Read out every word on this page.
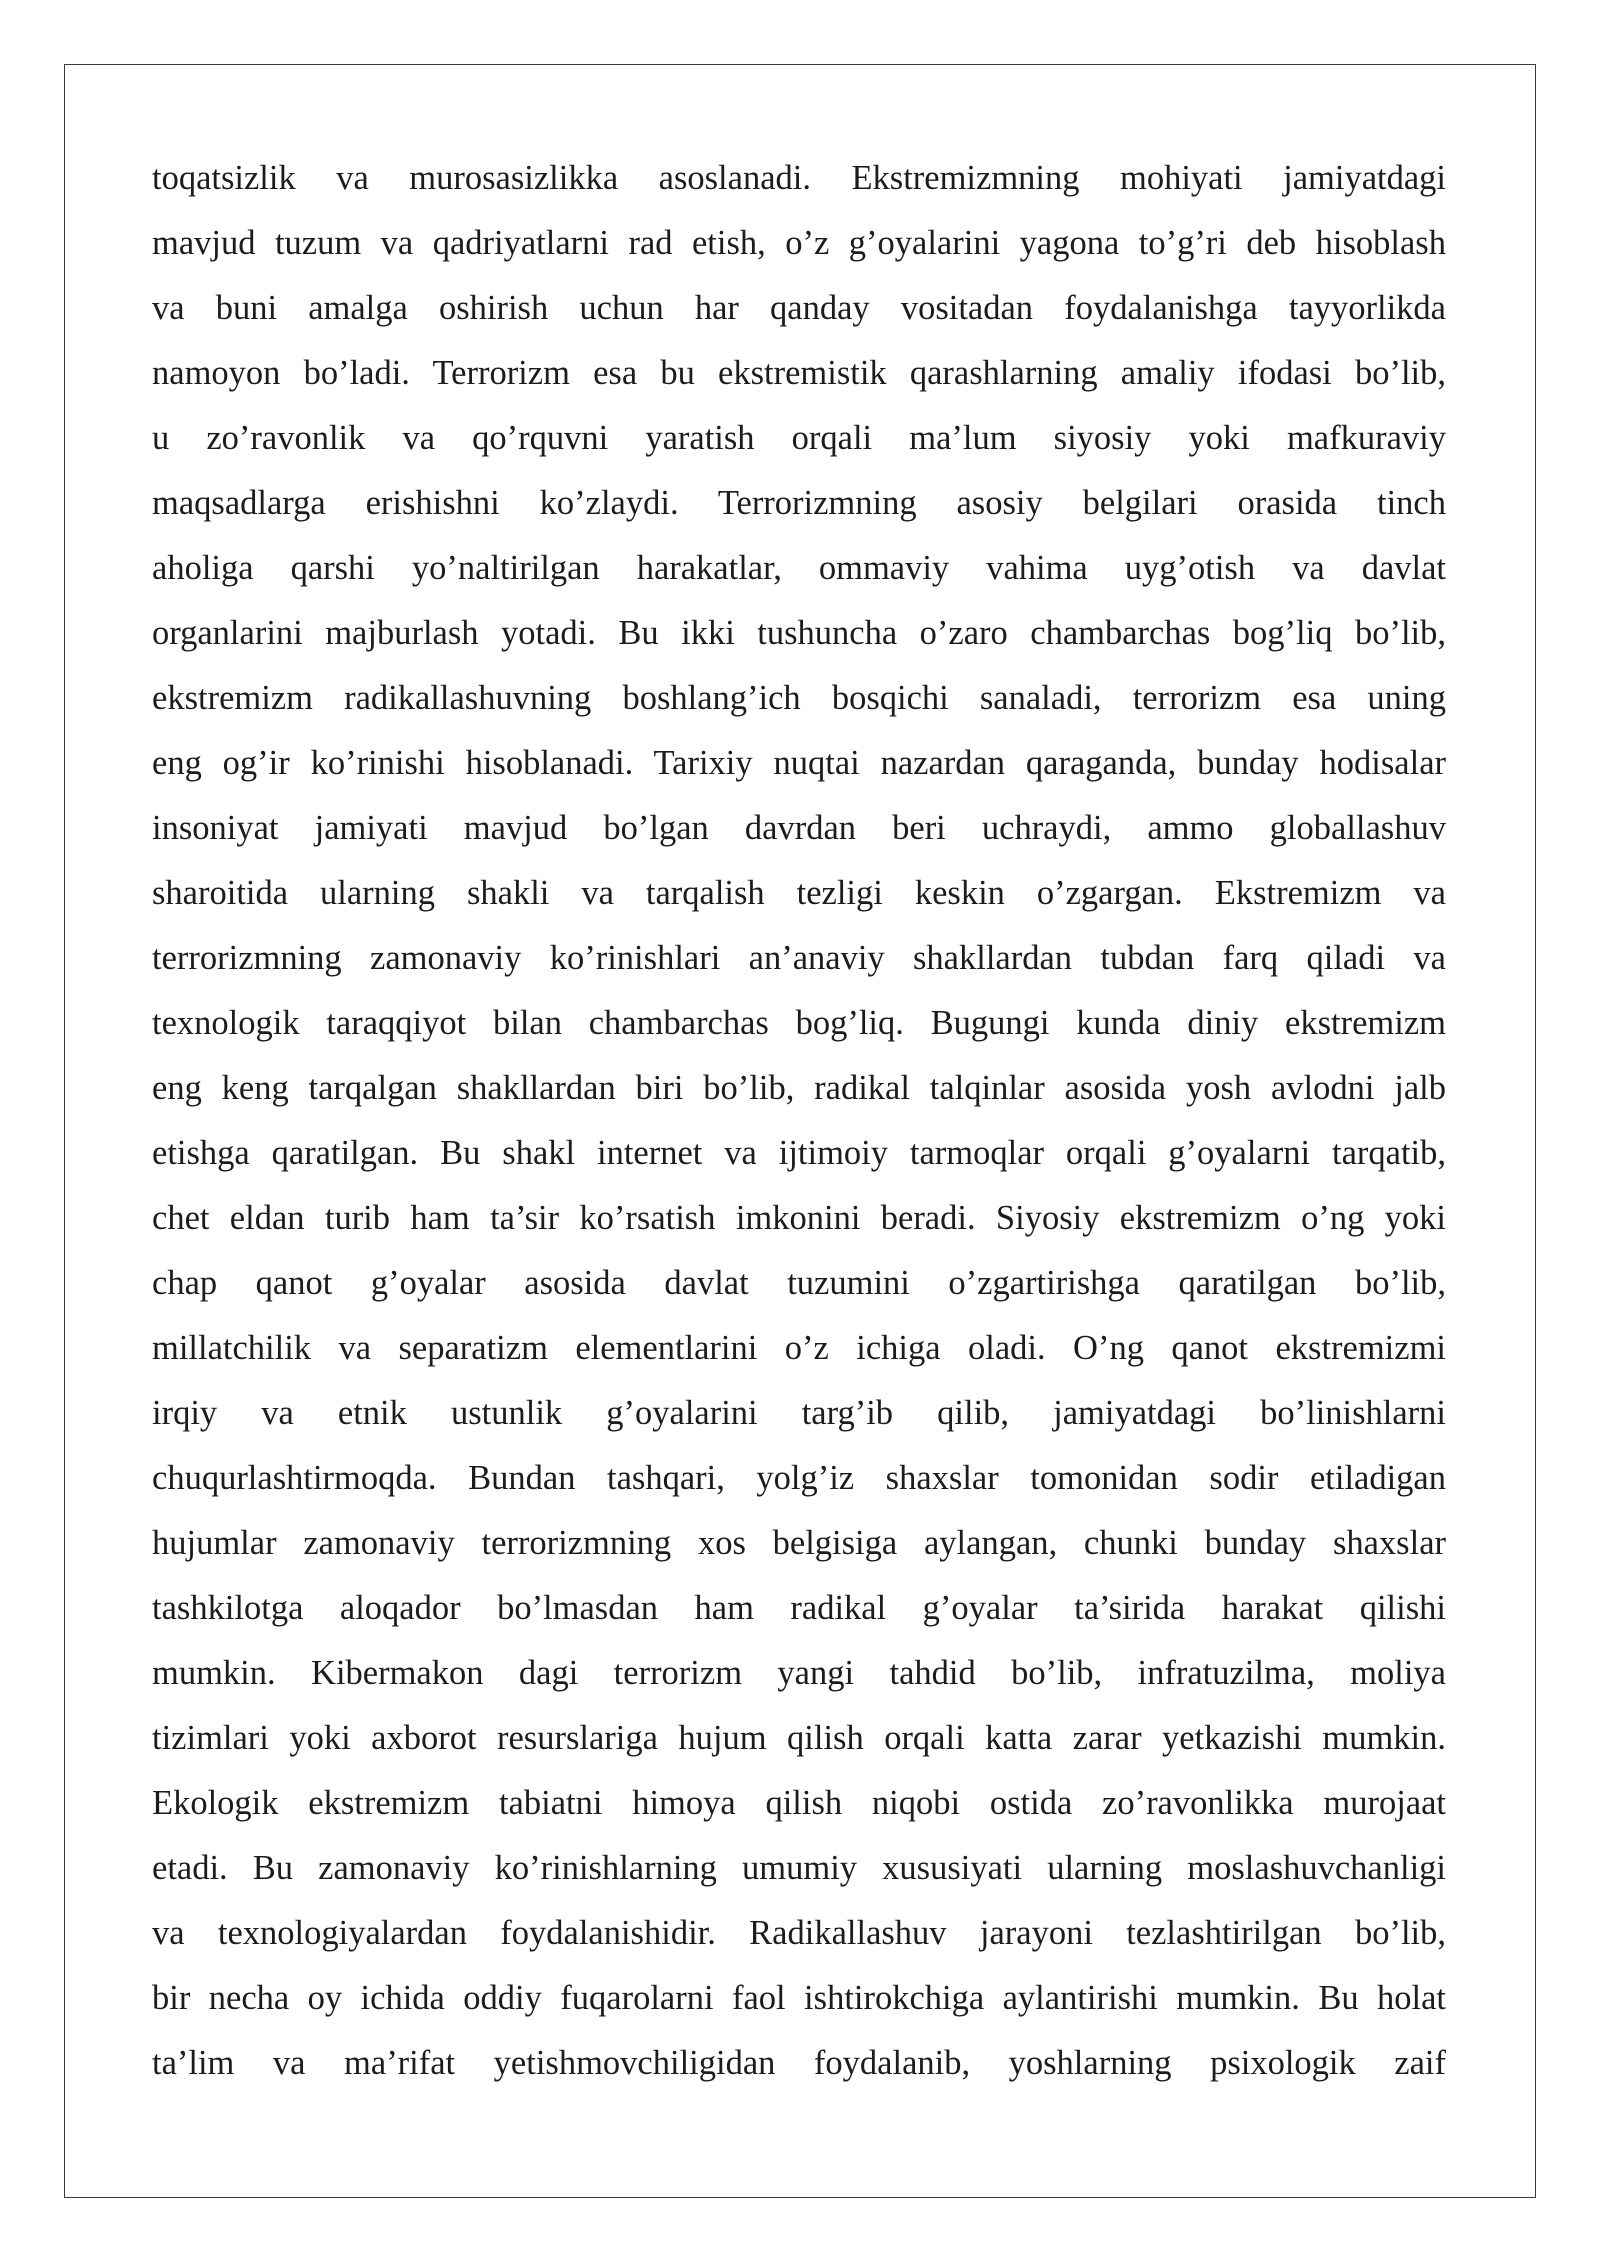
toqatsizlik va murosasizlikka asoslanadi. Ekstremizmning mohiyati jamiyatdagi
mavjud tuzum va qadriyatlarni rad etish, o’z g’oyalarini yagona to’g’ri deb hisoblash
va buni amalga oshirish uchun har qanday vositadan foydalanishga tayyorlikda
namoyon bo’ladi. Terrorizm esa bu ekstremistik qarashlarning amaliy ifodasi bo’lib,
u zo’ravonlik va qo’rquvni yaratish orqali ma’lum siyosiy yoki mafkuraviy
maqsadlarga erishishni ko’zlaydi. Terrorizmning asosiy belgilari orasida tinch
aholiga qarshi yo’naltirilgan harakatlar, ommaviy vahima uyg’otish va davlat
organlarini majburlash yotadi. Bu ikki tushuncha o’zaro chambarchas bog’liq bo’lib,
ekstremizm radikallashuvning boshlang’ich bosqichi sanaladi, terrorizm esa uning
eng og’ir ko’rinishi hisoblanadi. Tarixiy nuqtai nazardan qaraganda, bunday hodisalar
insoniyat jamiyati mavjud bo’lgan davrdan beri uchraydi, ammo globallashuv
sharoitida ularning shakli va tarqalish tezligi keskin o’zgargan. Ekstremizm va
terrorizmning zamonaviy ko’rinishlari an’anaviy shakllardan tubdan farq qiladi va
texnologik taraqqiyot bilan chambarchas bog’liq. Bugungi kunda diniy ekstremizm
eng keng tarqalgan shakllardan biri bo’lib, radikal talqinlar asosida yosh avlodni jalb
etishga qaratilgan. Bu shakl internet va ijtimoiy tarmoqlar orqali g’oyalarni tarqatib,
chet eldan turib ham ta’sir ko’rsatish imkonini beradi. Siyosiy ekstremizm o’ng yoki
chap qanot g’oyalar asosida davlat tuzumini o’zgartirishga qaratilgan bo’lib,
millatchilik va separatizm elementlarini o’z ichiga oladi. O’ng qanot ekstremizmi
irqiy va etnik ustunlik g’oyalarini targ’ib qilib, jamiyatdagi bo’linishlarni
chuqurlashtirmoqda. Bundan tashqari, yolg’iz shaxslar tomonidan sodir etiladigan
hujumlar zamonaviy terrorizmning xos belgisiga aylangan, chunki bunday shaxslar
tashkilotga aloqador bo’lmasdan ham radikal g’oyalar ta’sirida harakat qilishi
mumkin. Kibermakon dagi terrorizm yangi tahdid bo’lib, infratuzilma, moliya
tizimlari yoki axborot resurslariga hujum qilish orqali katta zarar yetkazishi mumkin.
Ekologik ekstremizm tabiatni himoya qilish niqobi ostida zo’ravonlikka murojaat
etadi. Bu zamonaviy ko’rinishlarning umumiy xususiyati ularning moslashuvchanligi
va texnologiyalardan foydalanishidir. Radikallashuv jarayoni tezlashtirilgan bo’lib,
bir necha oy ichida oddiy fuqarolarni faol ishtirokchiga aylantirishi mumkin. Bu holat
ta’lim va ma’rifat yetishmovchiligidan foydalanib, yoshlarning psixologik zaif
